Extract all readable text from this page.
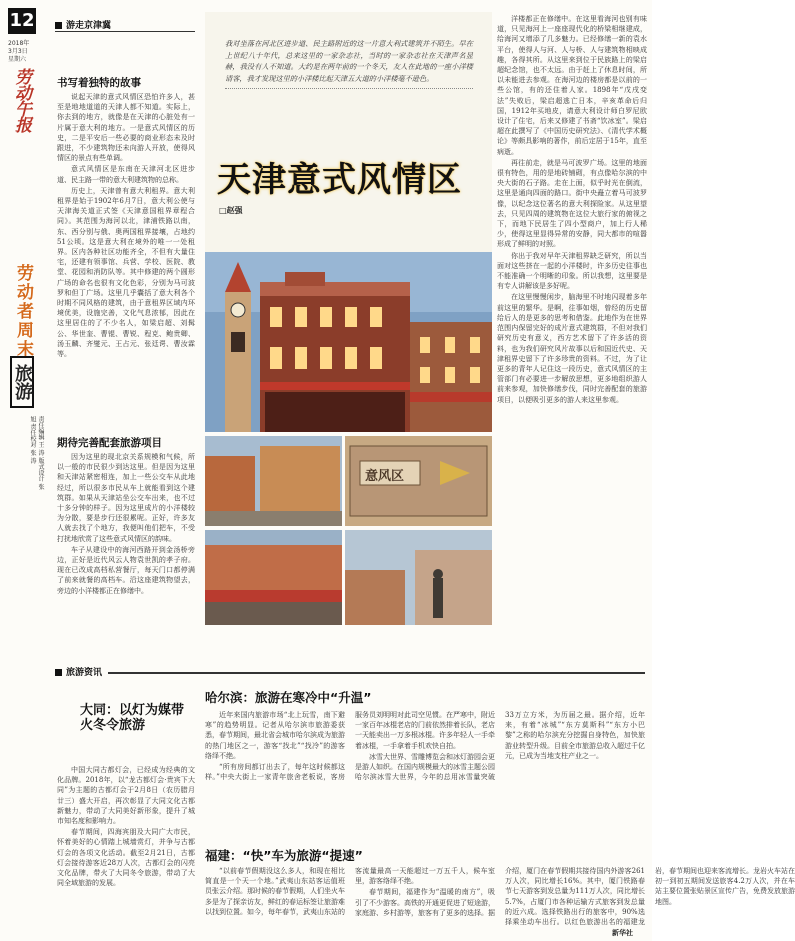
12
2018年
3月3日
星期六
劳动午报
劳动者周末
旅游
责任编辑 王 涛 版式设计 张 旭 责任校对 张 涛
游走京津冀
书写着独特的故事

说起天津的意式风情区恐怕许多人，甚至是地地道道的天津人都不知道。实际上，你去到的地方，就像是在天津的心脏处有一片属于意大利的地方。一是意式风情区的历史，二是平安后一些必要的商业形态未及时跟进，不少建筑物还未向游人开放，使得风情区的景点有些单调。

意式风情区是东南在天津河北区进步道、民主路一带的意大利建筑物的总称。

历史上，天津曾有意大利租界。意大利租界是始于1902年6月7日，意大利公使与天津海关道正式签《天津意国租界章程合同》。其范围为海河以北，津浦铁路以南，东、西分别与俄、奥两国租界接壤，占地约51公顷。这是意大利在境外的唯一一处租界。区内各种社区功能齐全，不但有大量住宅，还建有领事馆、兵营、学校、医院、教堂、花园和消防队等。其中修建的两个圆形广场的命名也很有文化色彩，分别为马可波罗和但丁广场。这里几乎囊括了意大利各个时期不同风格的建筑，由于意租界区域内环境优美，设施完善，文化气息浓郁，因此在这里居住的了不少名人，如梁启超、刘髯公、华世奎、曹锟、曹锐、程克、鲍贵卿、汤玉麟、齐燮元、王占元、张廷谔、曹汝霖等。

期待完善配套旅游项目

因为这里的现北京关系规模和气候，所以一般的市民很少到达这里。但是因为这里和天津站紧密相连，加上一些公交车从此地经过，所以很多市民从车上就能看到这个建筑群。如果从天津站坐公交车出来，也不过十多分钟的样子。因为这里成片的小洋楼较为分散，要是步行还很累呢。正好，许多友人就去找了个地方，我便叫他们把车，不受打扰地欣赏了这些意式风情区的韵味。

车子从建设中的海河西路开到金汤桥旁边，正好是近代风云人物袁世凯的孝子府。现在已改成高档私营餐厅，每天门口都停满了前来就餐的高档车。沿这座建筑物望去，旁边的小洋楼都正在修缮中。

我对坐落在河北区进步道、民主路附近的这一片意大利式建筑并不陌生。早在上世纪八十年代，总来这里的一家杂志社，当时的一家杂志社在天津声名显赫，我没有人不知道。大约是在两年前的一个冬天，友人在此地的一座小洋楼请客，我才发现这里的小洋楼比起天津五大道的小洋楼毫不逊色。
天津意式风情区
□赵强
意风区

洋楼都正在修缮中。在这里看海河也别有味道，只见海河上一座座现代化的桥梁相继建成，给海河又增添了几多魅力。已经修缮一新的袁水平台，使得人与河、人与桥、人与建筑物相映成趣，各得其所。从这里来到位于民族路上的梁启超纪念馆，也不太远。由于赶上了休息时间，所以未能进去参观。在海河边的楼房都是以前的一些公馆，有的还住着人家。1898年“戊戌变法”失败后，梁启超逃亡日本，辛亥革命后归国，1912年买地皮，请意大利设计师白罗尼欧设计了住宅，后来又修建了书斋“饮冰室”。梁启超在此撰写了《中国历史研究法》、《清代学术概论》等颇具影响的著作，前后定居于15年，直至病逝。

再往前走，就是马可波罗广场。这里的地面很有特色，用的是地砖铺砌，有点像哈尔滨的中央大街的石子路。走在上面，似乎时光在倒流，这里是通向四面的路口。街中央矗立着马可波罗像，以纪念这位著名的意大利探险家。从这里望去，只见四周的建筑物在这位大旅行家的俯视之下，而地下民居生了四小型商户，加上行人稀少，使得这里显得异常的安静，同大都市的喧嚣形成了鲜明的对照。

你出于我对早年天津租界缺乏研究，所以当面对这些挤在一起的小洋楼时，许多历史往事也不能准确一个明晰的印象。所以我想，这里要是有专人讲解该是多好呢。

在这里慢慢闲步，脑海里不时地闪现着多年前这里的繁华。是啊，往事如烟，曾经的历史留给后人的是更多的思考和借鉴。此地作为在世界范围内保留完好的成片意式建筑群，不但对我们研究历史有意义，西方艺术留下了许多活的资料，也为我们研究风片故事以后和国近代史、天津租界史留下了许多珍贵的资料。不过，为了让更多的青年人记住这一段历史，意式风情区的主管部门有必要进一步解放思想，更多地组织游人前来参观，加快修缮步伐，同时完善配套的旅游项目，以便吸引更多的游人来这里参观。

旅游资讯
大同：以灯为媒带火冬令旅游

中国大同古都灯会，已经成为经典的文化品牌。2018年，以“龙古都灯会·贵宾下大同”为主题的古都灯会于2月8日（农历腊月廿三）盛大开启，再次彰显了大同文化古都新魅力，带动了大同美好新形象，提升了城市知名度和影响力。

春节期间，四海宾朋及大同广大市民，怀着美好的心情踏上城墙赏灯，并争与古都灯会的各项文化活动。截至2月21日，古都灯会接待游客近28万人次，古都灯会的闪亮文化品牌，带火了大同冬令旅游，带动了大同全域旅游的发展。

哈尔滨：旅游在寒冷中“升温”

近年来国内旅游市场“北上玩雪，南下避寒”的趋势明显。记者从哈尔滨市旅游委获悉，春节期间，最北省会城市哈尔滨成为旅游的热门地区之一，游客“找北”“找冷”的游客络绎不绝。

“所有房间都订出去了，每年这时候都这样。”中央大街上一家青年旅舍老板说，客房服务员刘明明对此司空见惯。在严寒中，附近一家百年冰棍老店的门前依然排着长队，老店一天能卖出一万多根冰棍。许多年轻人一手牵着冰棍，一手拿着手机欢快自拍。

冰雪大世界、雪雕博览会和冰灯游园会更是游人如织。在国内规模最大的冰雪主题公园哈尔滨冰雪大世界，今年的总用冰雪量突破33万立方米，为历届之最。据介绍，近年来，有着“冰城”“东方莫斯科”“东方小巴黎”之称的哈尔滨充分挖掘自身特色，加快旅游业转型升级。目前全市旅游总收入超过千亿元，已成为当地支柱产业之一。

福建：“快”车为旅游“提速”

“以前春节假期没这么多人，和现在相比简直是一个天一个地。”武夷山东站客运值班员张云介绍。那时候的春节假期，人们坐火车多是为了探亲访友，鲜红的春运标签让旅游难以找到位置。如今，每年春节，武夷山东站的客流量最高一天能超过一万五千人，候车室里，游客络绎不绝。

春节期间，福建作为“温暖的南方”，吸引了不少游客。高铁的开通更促进了短途游，家庭游、乡村游等，旅客有了更多的选择。据介绍，厦门在春节假期共接待国内外游客261万人次，同比增长16%。其中，厦门铁路春节七天游客到发总量为111万人次，同比增长5.7%，占厦门市各种运输方式旅客到发总量的近六成。选择铁路出行的旅客中，90%选择乘坐动车出行。以红色旅游出名的福建龙岩，春节期间也迎来客流增长。龙岩火车站在初一到初五期间发送旅客4.2万人次，并在车站主要位置张贴景区宣传广告，免费发放旅游地图。

新华社
